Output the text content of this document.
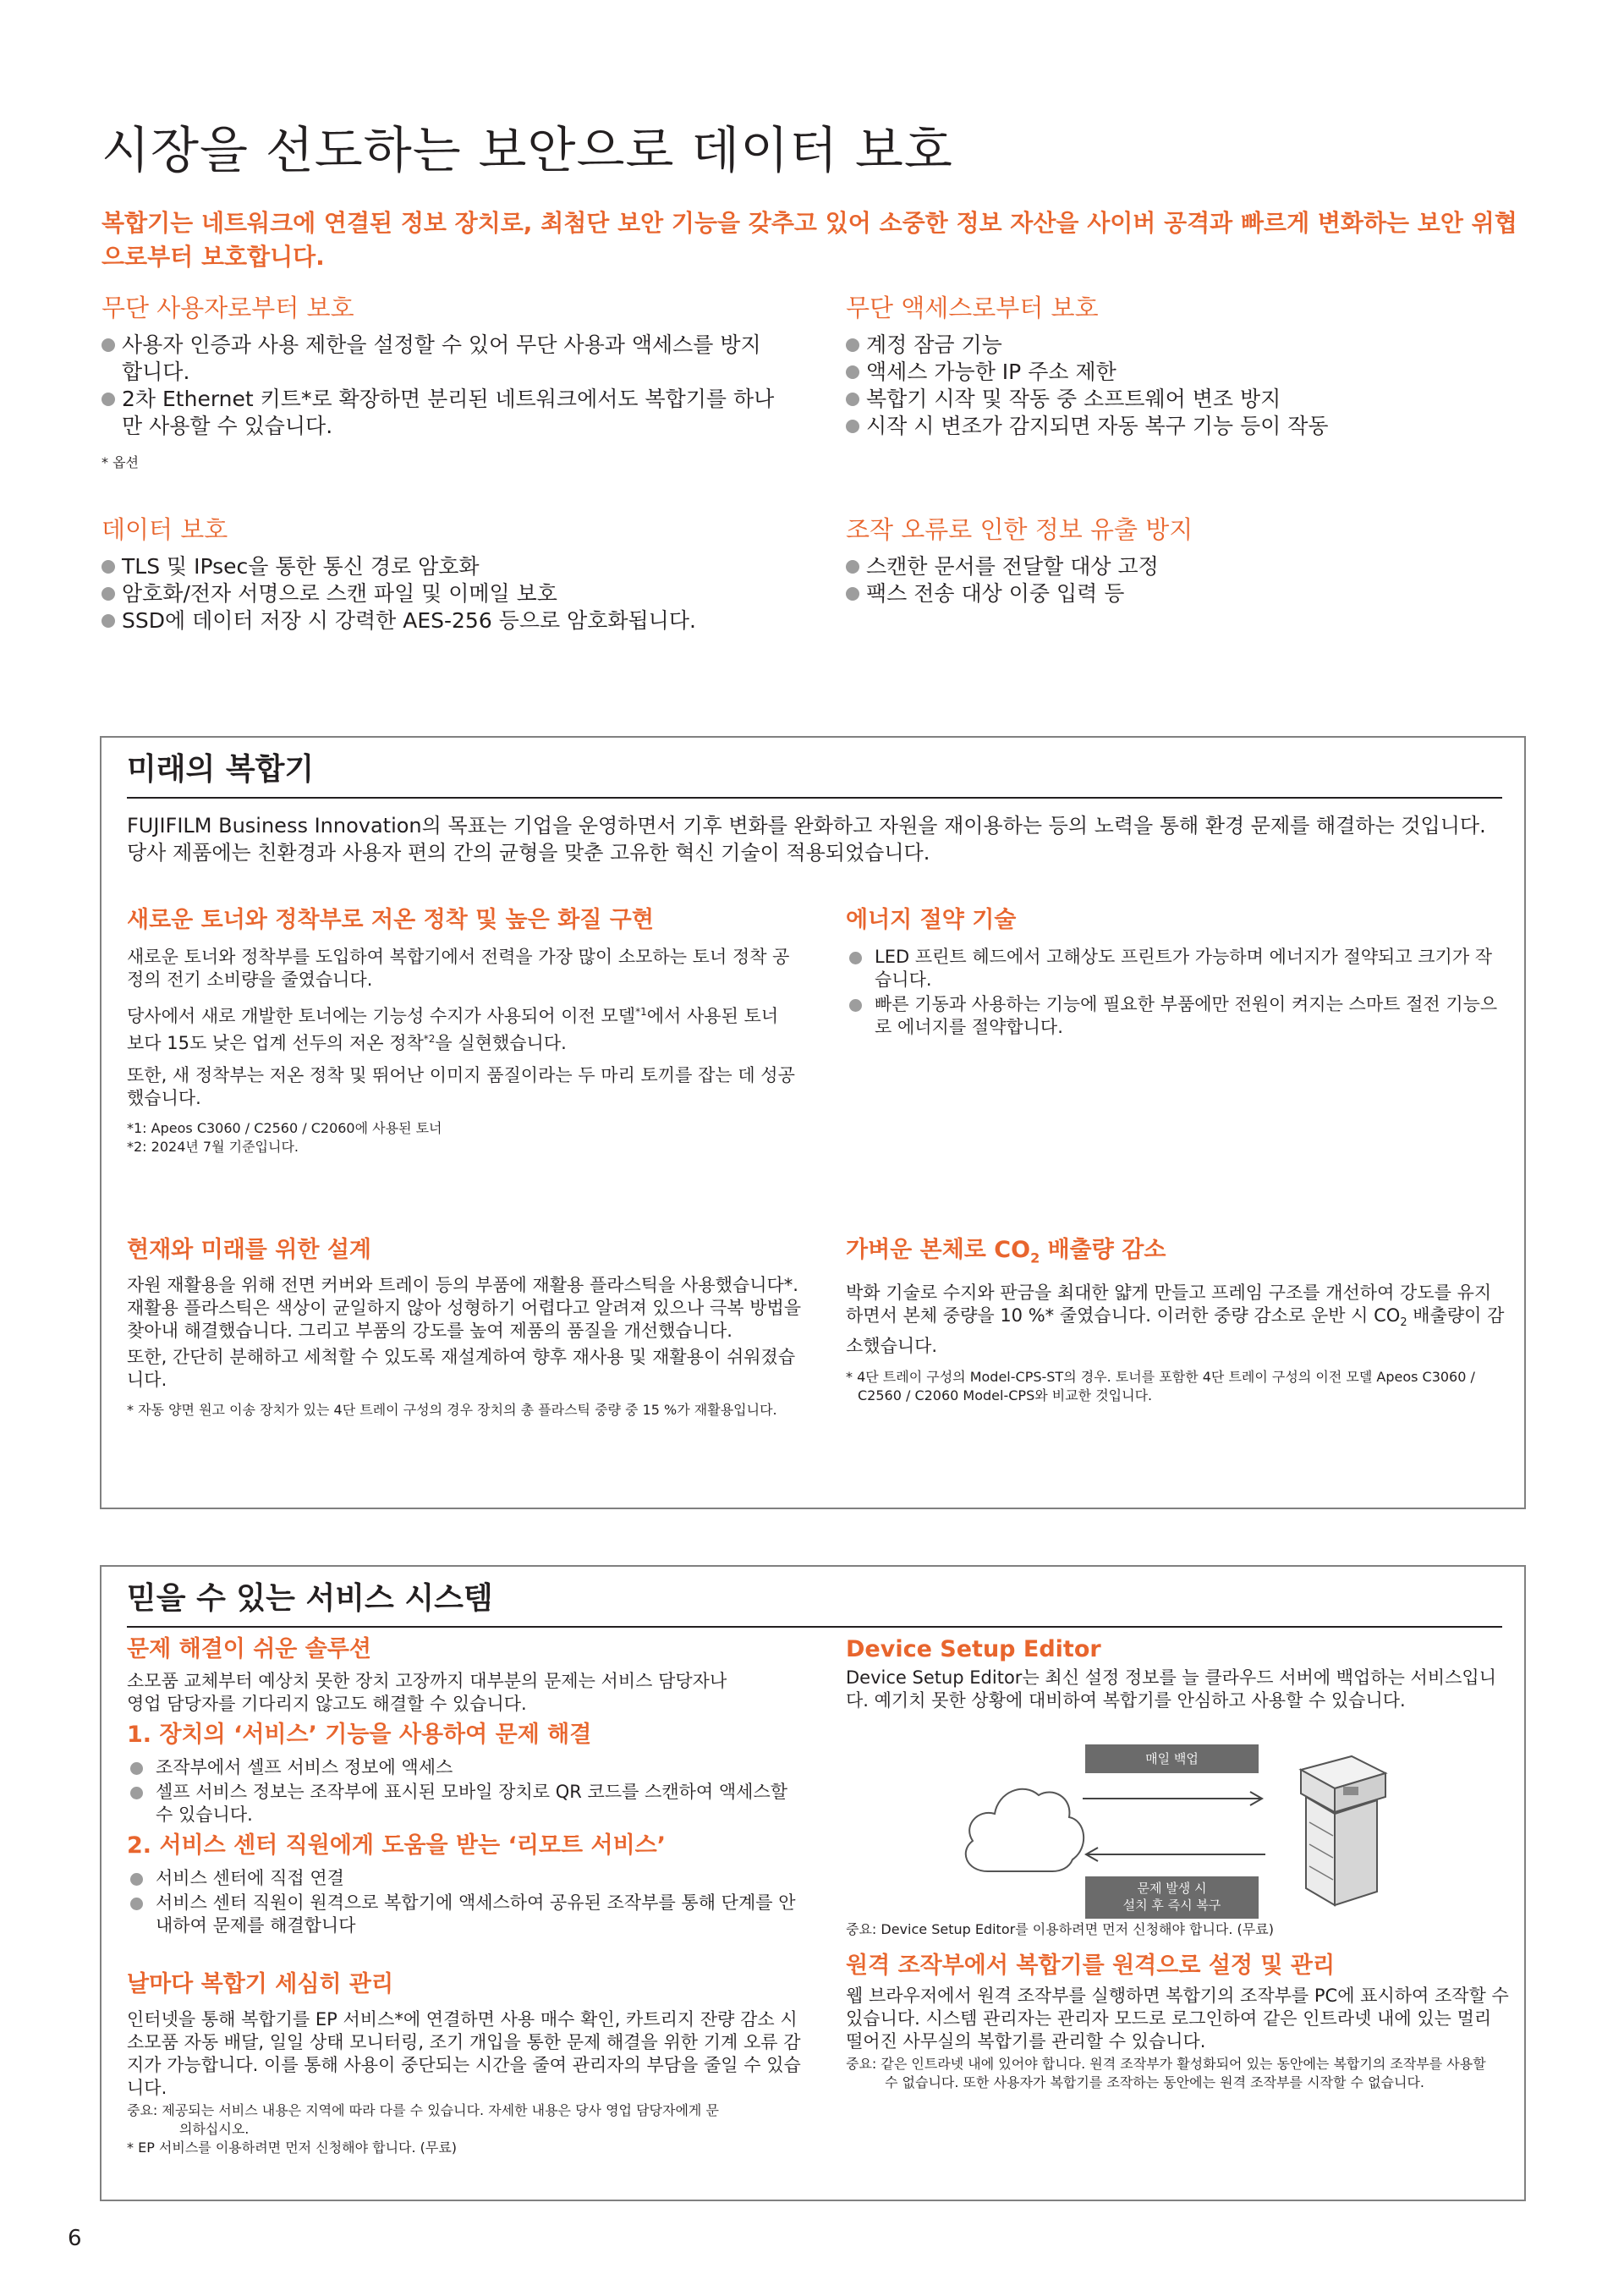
시장을 선도하는 보안으로 데이터 보호

복합기는 네트워크에 연결된 정보 장치로, 최첨단 보안 기능을 갖추고 있어 소중한 정보 자산을 사이버 공격과 빠르게 변화하는 보안 위협으로부터 보호합니다.

무단 사용자로부터 보호
사용자 인증과 사용 제한을 설정할 수 있어 무단 사용과 액세스를 방지합니다.
2차 Ethernet 키트*로 확장하면 분리된 네트워크에서도 복합기를 하나만 사용할 수 있습니다.

* 옵션

무단 액세스로부터 보호
계정 잠금 기능
액세스 가능한 IP 주소 제한
복합기 시작 및 작동 중 소프트웨어 변조 방지
시작 시 변조가 감지되면 자동 복구 기능 등이 작동
데이터 보호
TLS 및 IPsec을 통한 통신 경로 암호화
암호화/전자 서명으로 스캔 파일 및 이메일 보호
SSD에 데이터 저장 시 강력한 AES-256 등으로 암호화됩니다.
조작 오류로 인한 정보 유출 방지
스캔한 문서를 전달할 대상 고정
팩스 전송 대상 이중 입력 등
미래의 복합기

FUJIFILM Business Innovation의 목표는 기업을 운영하면서 기후 변화를 완화하고 자원을 재이용하는 등의 노력을 통해 환경 문제를 해결하는 것입니다. 당사 제품에는 친환경과 사용자 편의 간의 균형을 맞춘 고유한 혁신 기술이 적용되었습니다.

새로운 토너와 정착부로 저온 정착 및 높은 화질 구현

새로운 토너와 정착부를 도입하여 복합기에서 전력을 가장 많이 소모하는 토너 정착 공정의 전기 소비량을 줄였습니다.

당사에서 새로 개발한 토너에는 기능성 수지가 사용되어 이전 모델$^{*1}$에서 사용된 토너보다 15도 낮은 업계 선두의 저온 정착$^{*2}$을 실현했습니다.

또한, 새 정착부는 저온 정착 및 뛰어난 이미지 품질이라는 두 마리 토끼를 잡는 데 성공했습니다.

*1: Apeos C3060 / C2560 / C2060에 사용된 토너

*2: 2024년 7월 기준입니다.

에너지 절약 기술
LED 프린트 헤드에서 고해상도 프린트가 가능하며 에너지가 절약되고 크기가 작습니다.
빠른 기동과 사용하는 기능에 필요한 부품에만 전원이 켜지는 스마트 절전 기능으로 에너지를 절약합니다.
현재와 미래를 위한 설계

자원 재활용을 위해 전면 커버와 트레이 등의 부품에 재활용 플라스틱을 사용했습니다*. 재활용 플라스틱은 색상이 균일하지 않아 성형하기 어렵다고 알려져 있으나 극복 방법을 찾아내 해결했습니다. 그리고 부품의 강도를 높여 제품의 품질을 개선했습니다.

또한, 간단히 분해하고 세척할 수 있도록 재설계하여 향후 재사용 및 재활용이 쉬워졌습니다.

* 자동 양면 원고 이송 장치가 있는 4단 트레이 구성의 경우 장치의 총 플라스틱 중량 중 15 %가 재활용입니다.

가벼운 본체로 $CO_2$ 배출량 감소

박화 기술로 수지와 판금을 최대한 얇게 만들고 프레임 구조를 개선하여 강도를 유지하면서 본체 중량을 10 %* 줄였습니다. 이러한 중량 감소로 운반 시 $CO_2$ 배출량이 감소했습니다.

* 4단 트레이 구성의 Model-CPS-ST의 경우. 토너를 포함한 4단 트레이 구성의 이전 모델 Apeos C3060 / C2560 / C2060 Model-CPS와 비교한 것입니다.

믿을 수 있는 서비스 시스템
문제 해결이 쉬운 솔루션

소모품 교체부터 예상치 못한 장치 고장까지 대부분의 문제는 서비스 담당자나 영업 담당자를 기다리지 않고도 해결할 수 있습니다.

1. 장치의 ‘서비스’ 기능을 사용하여 문제 해결
조작부에서 셀프 서비스 정보에 액세스
셀프 서비스 정보는 조작부에 표시된 모바일 장치로 QR 코드를 스캔하여 액세스할 수 있습니다.
2. 서비스 센터 직원에게 도움을 받는 ‘리모트 서비스’
서비스 센터에 직접 연결
서비스 센터 직원이 원격으로 복합기에 액세스하여 공유된 조작부를 통해 단계를 안내하여 문제를 해결합니다
날마다 복합기 세심히 관리

인터넷을 통해 복합기를 EP 서비스*에 연결하면 사용 매수 확인, 카트리지 잔량 감소 시 소모품 자동 배달, 일일 상태 모니터링, 조기 개입을 통한 문제 해결을 위한 기계 오류 감지가 가능합니다. 이를 통해 사용이 중단되는 시간을 줄여 관리자의 부담을 줄일 수 있습니다.

중요: 제공되는 서비스 내용은 지역에 따라 다를 수 있습니다. 자세한 내용은 당사 영업 담당자에게 문의하십시오.

* EP 서비스를 이용하려면 먼저 신청해야 합니다. (무료)

Device Setup Editor

Device Setup Editor는 최신 설정 정보를 늘 클라우드 서버에 백업하는 서비스입니다. 예기치 못한 상황에 대비하여 복합기를 안심하고 사용할 수 있습니다.

매일 백업
문제 발생 시
설치 후 즉시 복구

중요: Device Setup Editor를 이용하려면 먼저 신청해야 합니다. (무료)

원격 조작부에서 복합기를 원격으로 설정 및 관리

웹 브라우저에서 원격 조작부를 실행하면 복합기의 조작부를 PC에 표시하여 조작할 수 있습니다. 시스템 관리자는 관리자 모드로 로그인하여 같은 인트라넷 내에 있는 멀리 떨어진 사무실의 복합기를 관리할 수 있습니다.

중요: 같은 인트라넷 내에 있어야 합니다. 원격 조작부가 활성화되어 있는 동안에는 복합기의 조작부를 사용할 수 없습니다. 또한 사용자가 복합기를 조작하는 동안에는 원격 조작부를 시작할 수 없습니다.

6
